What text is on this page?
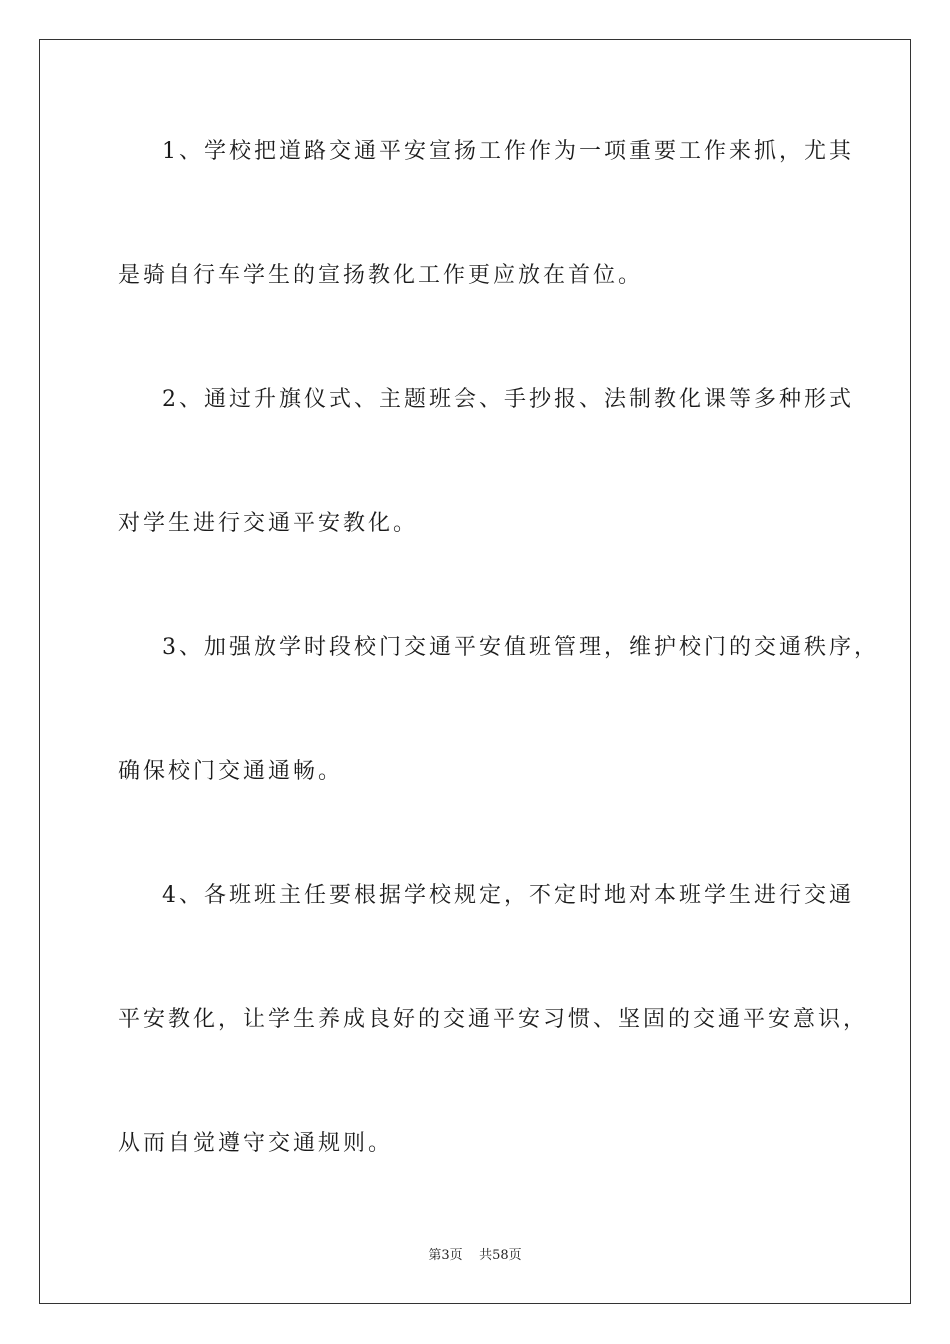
1、学校把道路交通平安宣扬工作作为一项重要工作来抓，尤其
是骑自行车学生的宣扬教化工作更应放在首位。
2、通过升旗仪式、主题班会、手抄报、法制教化课等多种形式
对学生进行交通平安教化。
3、加强放学时段校门交通平安值班管理，维护校门的交通秩序，
确保校门交通通畅。
4、各班班主任要根据学校规定，不定时地对本班学生进行交通
平安教化，让学生养成良好的交通平安习惯、坚固的交通平安意识，
从而自觉遵守交通规则。
第3页 共58页
